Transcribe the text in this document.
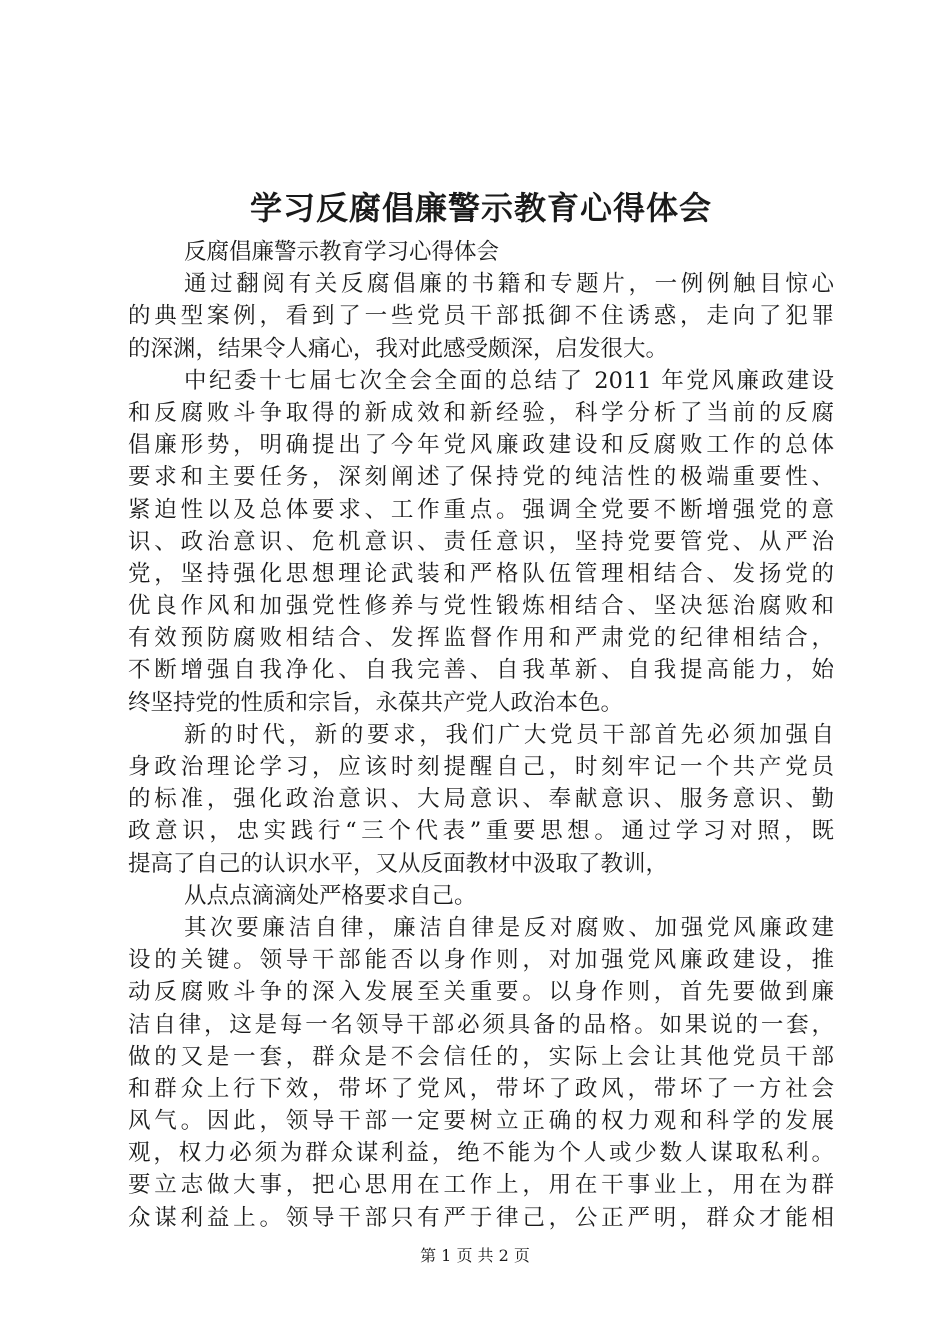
学习反腐倡廉警示教育心得体会
反腐倡廉警示教育学习心得体会
通过翻阅有关反腐倡廉的书籍和专题片，一例例触目惊心
的典型案例，看到了一些党员干部抵御不住诱惑，走向了犯罪
的深渊，结果令人痛心，我对此感受颇深，启发很大。
中纪委十七届七次全会全面的总结了 2011 年党风廉政建设
和反腐败斗争取得的新成效和新经验，科学分析了当前的反腐
倡廉形势，明确提出了今年党风廉政建设和反腐败工作的总体
要求和主要任务，深刻阐述了保持党的纯洁性的极端重要性、
紧迫性以及总体要求、工作重点。强调全党要不断增强党的意
识、政治意识、危机意识、责任意识，坚持党要管党、从严治
党，坚持强化思想理论武装和严格队伍管理相结合、发扬党的
优良作风和加强党性修养与党性锻炼相结合、坚决惩治腐败和
有效预防腐败相结合、发挥监督作用和严肃党的纪律相结合，
不断增强自我净化、自我完善、自我革新、自我提高能力，始
终坚持党的性质和宗旨，永葆共产党人政治本色。
新的时代，新的要求，我们广大党员干部首先必须加强自
身政治理论学习，应该时刻提醒自己，时刻牢记一个共产党员
的标准，强化政治意识、大局意识、奉献意识、服务意识、勤
政意识，忠实践行“三个代表”重要思想。通过学习对照，既
提高了自己的认识水平，又从反面教材中汲取了教训，
从点点滴滴处严格要求自己。
其次要廉洁自律，廉洁自律是反对腐败、加强党风廉政建
设的关键。领导干部能否以身作则，对加强党风廉政建设，推
动反腐败斗争的深入发展至关重要。以身作则，首先要做到廉
洁自律，这是每一名领导干部必须具备的品格。如果说的一套，
做的又是一套，群众是不会信任的，实际上会让其他党员干部
和群众上行下效，带坏了党风，带坏了政风，带坏了一方社会
风气。因此，领导干部一定要树立正确的权力观和科学的发展
观，权力必须为群众谋利益，绝不能为个人或少数人谋取私利。
要立志做大事，把心思用在工作上，用在干事业上，用在为群
众谋利益上。领导干部只有严于律己，公正严明，群众才能相
第 1 页 共 2 页
